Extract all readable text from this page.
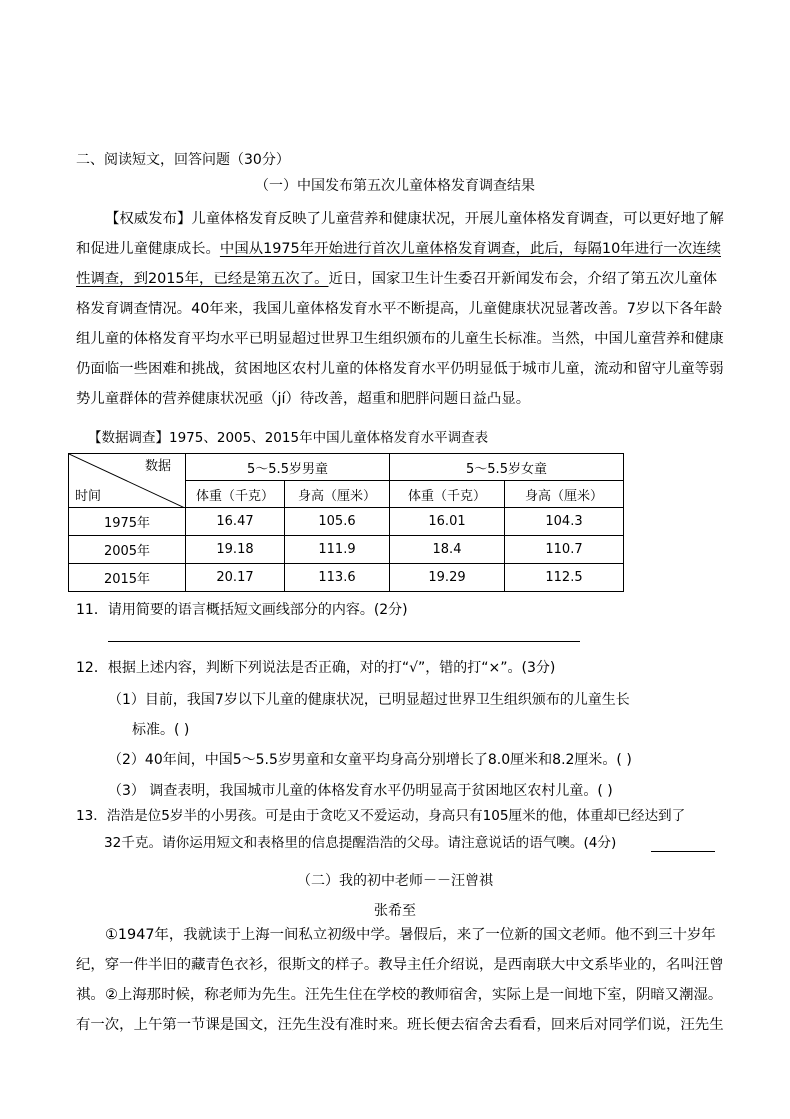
二、阅读短文，回答问题（30分）
（一）中国发布第五次儿童体格发育调查结果

【权威发布】儿童体格发育反映了儿童营养和健康状况，开展儿童体格发育调查，可以更好地了解和促进儿童健康成长。中国从1975年开始进行首次儿童体格发育调查，此后，每隔10年进行一次连续性调查，到2015年，已经是第五次了。近日，国家卫生计生委召开新闻发布会，介绍了第五次儿童体格发育调查情况。40年来，我国儿童体格发育水平不断提高，儿童健康状况显著改善。7岁以下各年龄组儿童的体格发育平均水平已明显超过世界卫生组织颁布的儿童生长标准。当然，中国儿童营养和健康仍面临一些困难和挑战，贫困地区农村儿童的体格发育水平仍明显低于城市儿童，流动和留守儿童等弱势儿童群体的营养健康状况亟（jí）待改善，超重和肥胖问题日益凸显。

【数据调查】1975、2005、2015年中国儿童体格发育水平调查表
数据
时间	5～5.5岁男童		5～5.5岁女童	
	体重（千克）	身高（厘米）	体重（千克）	身高（厘米）
1975年	16.47	105.6	16.01	104.3
2005年	19.18	111.9	18.4	110.7
2015年	20.17	113.6	19.29	112.5
11．请用简要的语言概括短文画线部分的内容。(2分)
12．根据上述内容，判断下列说法是否正确，对的打“√”，错的打“×”。(3分)
（1）目前，我国7岁以下儿童的健康状况，已明显超过世界卫生组织颁布的儿童生长
标准。( )
（2）40年间，中国5～5.5岁男童和女童平均身高分别增长了8.0厘米和8.2厘米。( )
（3） 调查表明，我国城市儿童的体格发育水平仍明显高于贫困地区农村儿童。( )
13．浩浩是位5岁半的小男孩。可是由于贪吃又不爱运动，身高只有105厘米的他，体重却已经达到了
32千克。请你运用短文和表格里的信息提醒浩浩的父母。请注意说话的语气噢。(4分)
（二）我的初中老师－－汪曾祺
张希至

①1947年，我就读于上海一间私立初级中学。暑假后，来了一位新的国文老师。他不到三十岁年纪，穿一件半旧的藏青色衣衫，很斯文的样子。教导主任介绍说，是西南联大中文系毕业的，名叫汪曾祺。 ②上海那时候，称老师为先生。汪先生住在学校的教师宿舍，实际上是一间地下室，阴暗又潮湿。有一次，上午第一节课是国文，汪先生没有准时来。班长便去宿舍去看看，回来后对同学们说，汪先生
